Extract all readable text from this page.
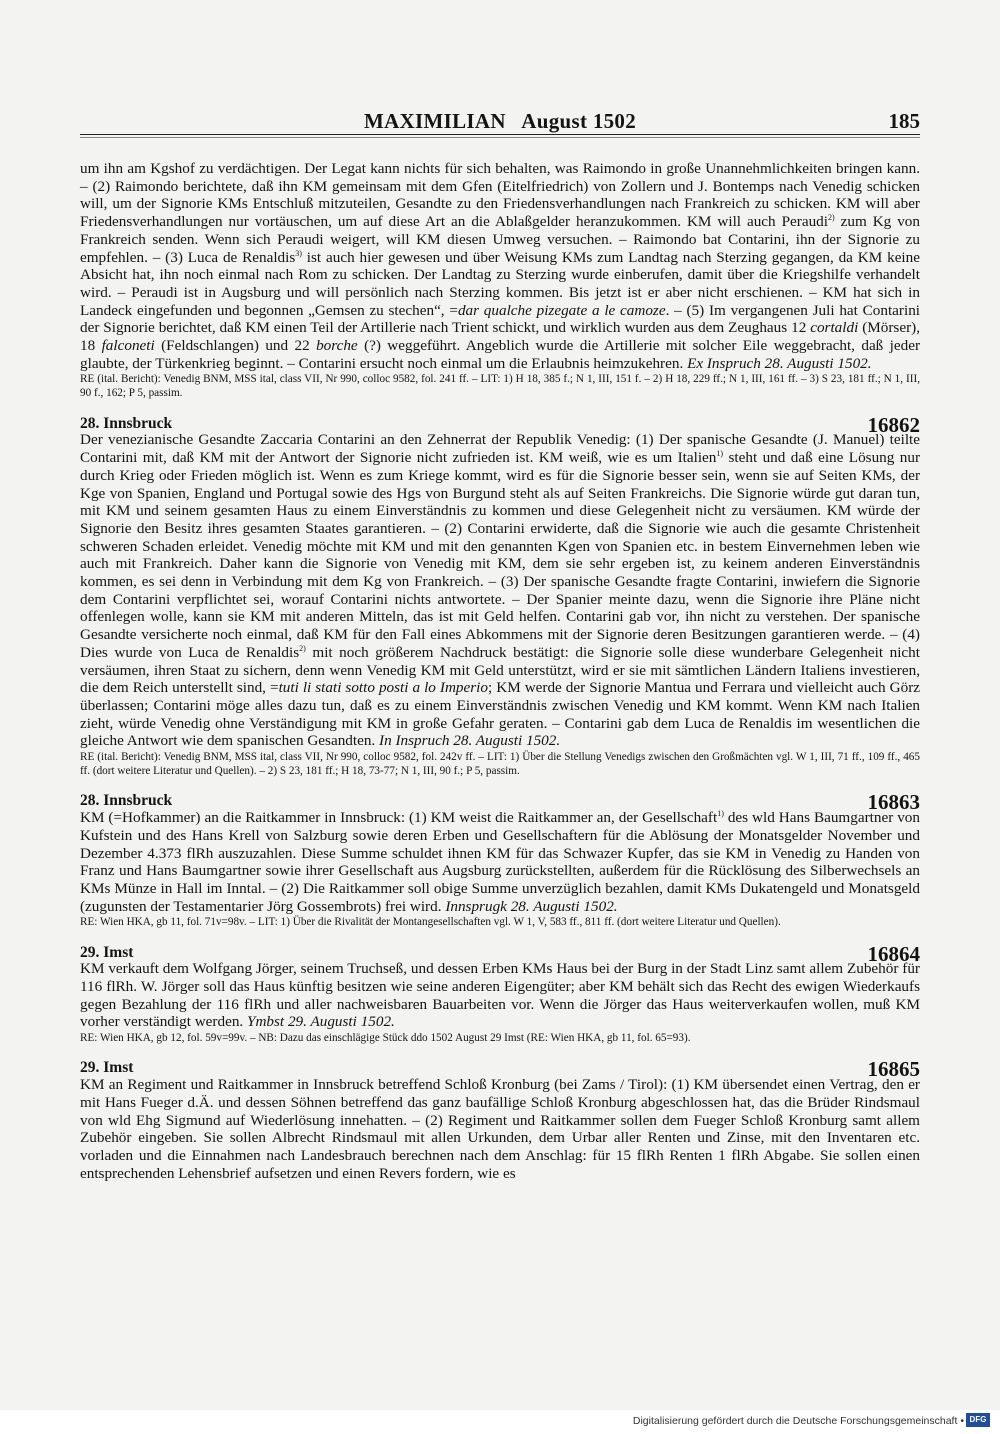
MAXIMILIAN   August 1502	185

um ihn am Kgshof zu verdächtigen. Der Legat kann nichts für sich behalten, was Raimondo in große Unannehmlichkeiten bringen kann. – (2) Raimondo berichtete, daß ihn KM gemeinsam mit dem Gfen (Eitelfriedrich) von Zollern und J. Bontemps nach Venedig schicken will, um der Signorie KMs Entschluß mitzuteilen, Gesandte zu den Friedensverhandlungen nach Frankreich zu schicken. KM will aber Friedensverhandlungen nur vortäuschen, um auf diese Art an die Ablaßgelder heranzukommen. KM will auch Peraudi$^{2)}$ zum Kg von Frankreich senden. Wenn sich Peraudi weigert, will KM diesen Umweg versuchen. – Raimondo bat Contarini, ihn der Signorie zu empfehlen. – (3) Luca de Renaldis$^{3)}$ ist auch hier gewesen und über Weisung KMs zum Landtag nach Sterzing gegangen, da KM keine Absicht hat, ihn noch einmal nach Rom zu schicken. Der Landtag zu Sterzing wurde einberufen, damit über die Kriegshilfe verhandelt wird. – Peraudi ist in Augsburg und will persönlich nach Sterzing kommen. Bis jetzt ist er aber nicht erschienen. – KM hat sich in Landeck eingefunden und begonnen „Gemsen zu stechen“, =dar qualche pizegate a le camoze. – (5) Im vergangenen Juli hat Contarini der Signorie berichtet, daß KM einen Teil der Artillerie nach Trient schickt, und wirklich wurden aus dem Zeughaus 12 cortaldi (Mörser), 18 falconeti (Feldschlangen) und 22 borche (?) weggeführt. Angeblich wurde die Artillerie mit solcher Eile weggebracht, daß jeder glaubte, der Türkenkrieg beginnt. – Contarini ersucht noch einmal um die Erlaubnis heimzukehren. Ex Inspruch 28. Augusti 1502.

RE (ital. Bericht): Venedig BNM, MSS ital, class VII, Nr 990, colloc 9582, fol. 241 ff. – LIT: 1) H 18, 385 f.; N 1, III, 151 f. – 2) H 18, 229 ff.; N 1, III, 161 ff. – 3) S 23, 181 ff.; N 1, III, 90 f., 162; P 5, passim.

28. Innsbruck	16862

Der venezianische Gesandte Zaccaria Contarini an den Zehnerrat der Republik Venedig: (1) Der spanische Gesandte (J. Manuel) teilte Contarini mit, daß KM mit der Antwort der Signorie nicht zufrieden ist. KM weiß, wie es um Italien$^{1)}$ steht und daß eine Lösung nur durch Krieg oder Frieden möglich ist. Wenn es zum Kriege kommt, wird es für die Signorie besser sein, wenn sie auf Seiten KMs, der Kge von Spanien, England und Portugal sowie des Hgs von Burgund steht als auf Seiten Frankreichs. Die Signorie würde gut daran tun, mit KM und seinem gesamten Haus zu einem Einverständnis zu kommen und diese Gelegenheit nicht zu versäumen. KM würde der Signorie den Besitz ihres gesamten Staates garantieren. – (2) Contarini erwiderte, daß die Signorie wie auch die gesamte Christenheit schweren Schaden erleidet. Venedig möchte mit KM und mit den genannten Kgen von Spanien etc. in bestem Einvernehmen leben wie auch mit Frankreich. Daher kann die Signorie von Venedig mit KM, dem sie sehr ergeben ist, zu keinem anderen Einverständnis kommen, es sei denn in Verbindung mit dem Kg von Frankreich. – (3) Der spanische Gesandte fragte Contarini, inwiefern die Signorie dem Contarini verpflichtet sei, worauf Contarini nichts antwortete. – Der Spanier meinte dazu, wenn die Signorie ihre Pläne nicht offenlegen wolle, kann sie KM mit anderen Mitteln, das ist mit Geld helfen. Contarini gab vor, ihn nicht zu verstehen. Der spanische Gesandte versicherte noch einmal, daß KM für den Fall eines Abkommens mit der Signorie deren Besitzungen garantieren werde. – (4) Dies wurde von Luca de Renaldis$^{2)}$ mit noch größerem Nachdruck bestätigt: die Signorie solle diese wunderbare Gelegenheit nicht versäumen, ihren Staat zu sichern, denn wenn Venedig KM mit Geld unterstützt, wird er sie mit sämtlichen Ländern Italiens investieren, die dem Reich unterstellt sind, =tuti li stati sotto posti a lo Imperio; KM werde der Signorie Mantua und Ferrara und vielleicht auch Görz überlassen; Contarini möge alles dazu tun, daß es zu einem Einverständnis zwischen Venedig und KM kommt. Wenn KM nach Italien zieht, würde Venedig ohne Verständigung mit KM in große Gefahr geraten. – Contarini gab dem Luca de Renaldis im wesentlichen die gleiche Antwort wie dem spanischen Gesandten. In Inspruch 28. Augusti 1502.

RE (ital. Bericht): Venedig BNM, MSS ital, class VII, Nr 990, colloc 9582, fol. 242v ff. – LIT: 1) Über die Stellung Venedigs zwischen den Großmächten vgl. W 1, III, 71 ff., 109 ff., 465 ff. (dort weitere Literatur und Quellen). – 2) S 23, 181 ff.; H 18, 73-77; N 1, III, 90 f.; P 5, passim.

28. Innsbruck	16863

KM (=Hofkammer) an die Raitkammer in Innsbruck: (1) KM weist die Raitkammer an, der Gesellschaft$^{1)}$ des wld Hans Baumgartner von Kufstein und des Hans Krell von Salzburg sowie deren Erben und Gesellschaftern für die Ablösung der Monatsgelder November und Dezember 4.373 flRh auszuzahlen. Diese Summe schuldet ihnen KM für das Schwazer Kupfer, das sie KM in Venedig zu Handen von Franz und Hans Baumgartner sowie ihrer Gesellschaft aus Augsburg zurückstellten, außerdem für die Rücklösung des Silberwechsels an KMs Münze in Hall im Inntal. – (2) Die Raitkammer soll obige Summe unverzüglich bezahlen, damit KMs Dukatengeld und Monatsgeld (zugunsten der Testamentarier Jörg Gossembrots) frei wird. Innsprugk 28. Augusti 1502.

RE: Wien HKA, gb 11, fol. 71v=98v. – LIT: 1) Über die Rivalität der Montangesellschaften vgl. W 1, V, 583 ff., 811 ff. (dort weitere Literatur und Quellen).

29. Imst	16864

KM verkauft dem Wolfgang Jörger, seinem Truchseß, und dessen Erben KMs Haus bei der Burg in der Stadt Linz samt allem Zubehör für 116 flRh. W. Jörger soll das Haus künftig besitzen wie seine anderen Eigengüter; aber KM behält sich das Recht des ewigen Wiederkaufs gegen Bezahlung der 116 flRh und aller nachweisbaren Bauarbeiten vor. Wenn die Jörger das Haus weiterverkaufen wollen, muß KM vorher verständigt werden. Ymbst 29. Augusti 1502.

RE: Wien HKA, gb 12, fol. 59v=99v. – NB: Dazu das einschlägige Stück ddo 1502 August 29 Imst (RE: Wien HKA, gb 11, fol. 65=93).

29. Imst	16865

KM an Regiment und Raitkammer in Innsbruck betreffend Schloß Kronburg (bei Zams / Tirol): (1) KM übersendet einen Vertrag, den er mit Hans Fueger d.Ä. und dessen Söhnen betreffend das ganz baufällige Schloß Kronburg abgeschlossen hat, das die Brüder Rindsmaul von wld Ehg Sigmund auf Wiederlösung innehatten. – (2) Regiment und Raitkammer sollen dem Fueger Schloß Kronburg samt allem Zubehör eingeben. Sie sollen Albrecht Rindsmaul mit allen Urkunden, dem Urbar aller Renten und Zinse, mit den Inventaren etc. vorladen und die Einnahmen nach Landesbrauch berechnen nach dem Anschlag: für 15 flRh Renten 1 flRh Abgabe. Sie sollen einen entsprechenden Lehensbrief aufsetzen und einen Revers fordern, wie es

Digitalisierung gefördert durch die Deutsche Forschungsgemeinschaft • DFG
